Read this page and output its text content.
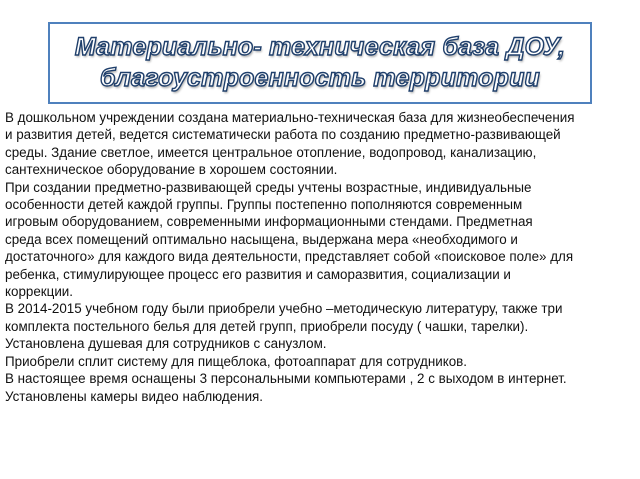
Материально- техническая база ДОУ,
благоустроенность территории
В дошкольном учреждении создана материально-техническая база для жизнеобеспечения
и развития детей, ведется систематически работа по созданию предметно-развивающей
среды. Здание светлое, имеется центральное отопление, водопровод, канализацию,
сантехническое оборудование в хорошем состоянии.
При создании предметно-развивающей среды учтены возрастные, индивидуальные
особенности детей каждой группы. Группы постепенно пополняются современным
игровым оборудованием, современными информационными стендами. Предметная
среда всех помещений оптимально насыщена, выдержана мера «необходимого и
достаточного» для каждого вида деятельности, представляет собой «поисковое поле» для
ребенка, стимулирующее процесс его развития и саморазвития, социализации и
коррекции.
В 2014-2015 учебном году были приобрели учебно –методическую литературу, также три
комплекта постельного белья для детей групп, приобрели посуду ( чашки, тарелки).
Установлена душевая для сотрудников с санузлом.
Приобрели сплит систему для пищеблока, фотоаппарат для сотрудников.
В настоящее время оснащены 3 персональными компьютерами , 2 с выходом в интернет.
Установлены камеры видео наблюдения.
